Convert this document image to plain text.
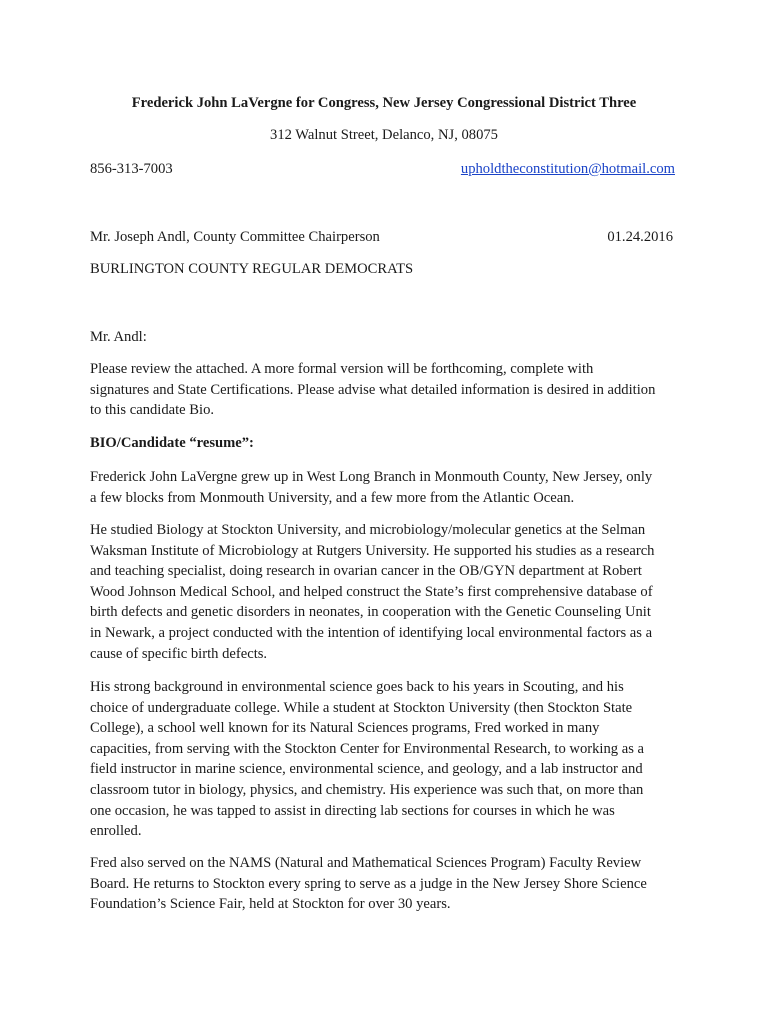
Frederick John LaVergne for Congress, New Jersey Congressional District Three
312 Walnut Street, Delanco, NJ, 08075
856-313-7003	upholdtheconstitution@hotmail.com
Mr. Joseph Andl, County Committee Chairperson	01.24.2016
BURLINGTON COUNTY REGULAR DEMOCRATS
Mr. Andl:

Please review the attached. A more formal version will be forthcoming, complete with
signatures and State Certifications. Please advise what detailed information is desired in addition
to this candidate Bio.

BIO/Candidate “resume”:

Frederick John LaVergne grew up in West Long Branch in Monmouth County, New Jersey, only
a few blocks from Monmouth University, and a few more from the Atlantic Ocean.

He studied Biology at Stockton University, and microbiology/molecular genetics at the Selman
Waksman Institute of Microbiology at Rutgers University. He supported his studies as a research
and teaching specialist, doing research in ovarian cancer in the OB/GYN department at Robert
Wood Johnson Medical School, and helped construct the State’s first comprehensive database of
birth defects and genetic disorders in neonates, in cooperation with the Genetic Counseling Unit
in Newark, a project conducted with the intention of identifying local environmental factors as a
cause of specific birth defects.

His strong background in environmental science goes back to his years in Scouting, and his
choice of undergraduate college. While a student at Stockton University (then Stockton State
College), a school well known for its Natural Sciences programs, Fred worked in many
capacities, from serving with the Stockton Center for Environmental Research, to working as a
field instructor in marine science, environmental science, and geology, and a lab instructor and
classroom tutor in biology, physics, and chemistry. His experience was such that, on more than
one occasion, he was tapped to assist in directing lab sections for courses in which he was
enrolled.

Fred also served on the NAMS (Natural and Mathematical Sciences Program) Faculty Review
Board. He returns to Stockton every spring to serve as a judge in the New Jersey Shore Science
Foundation’s Science Fair, held at Stockton for over 30 years.
